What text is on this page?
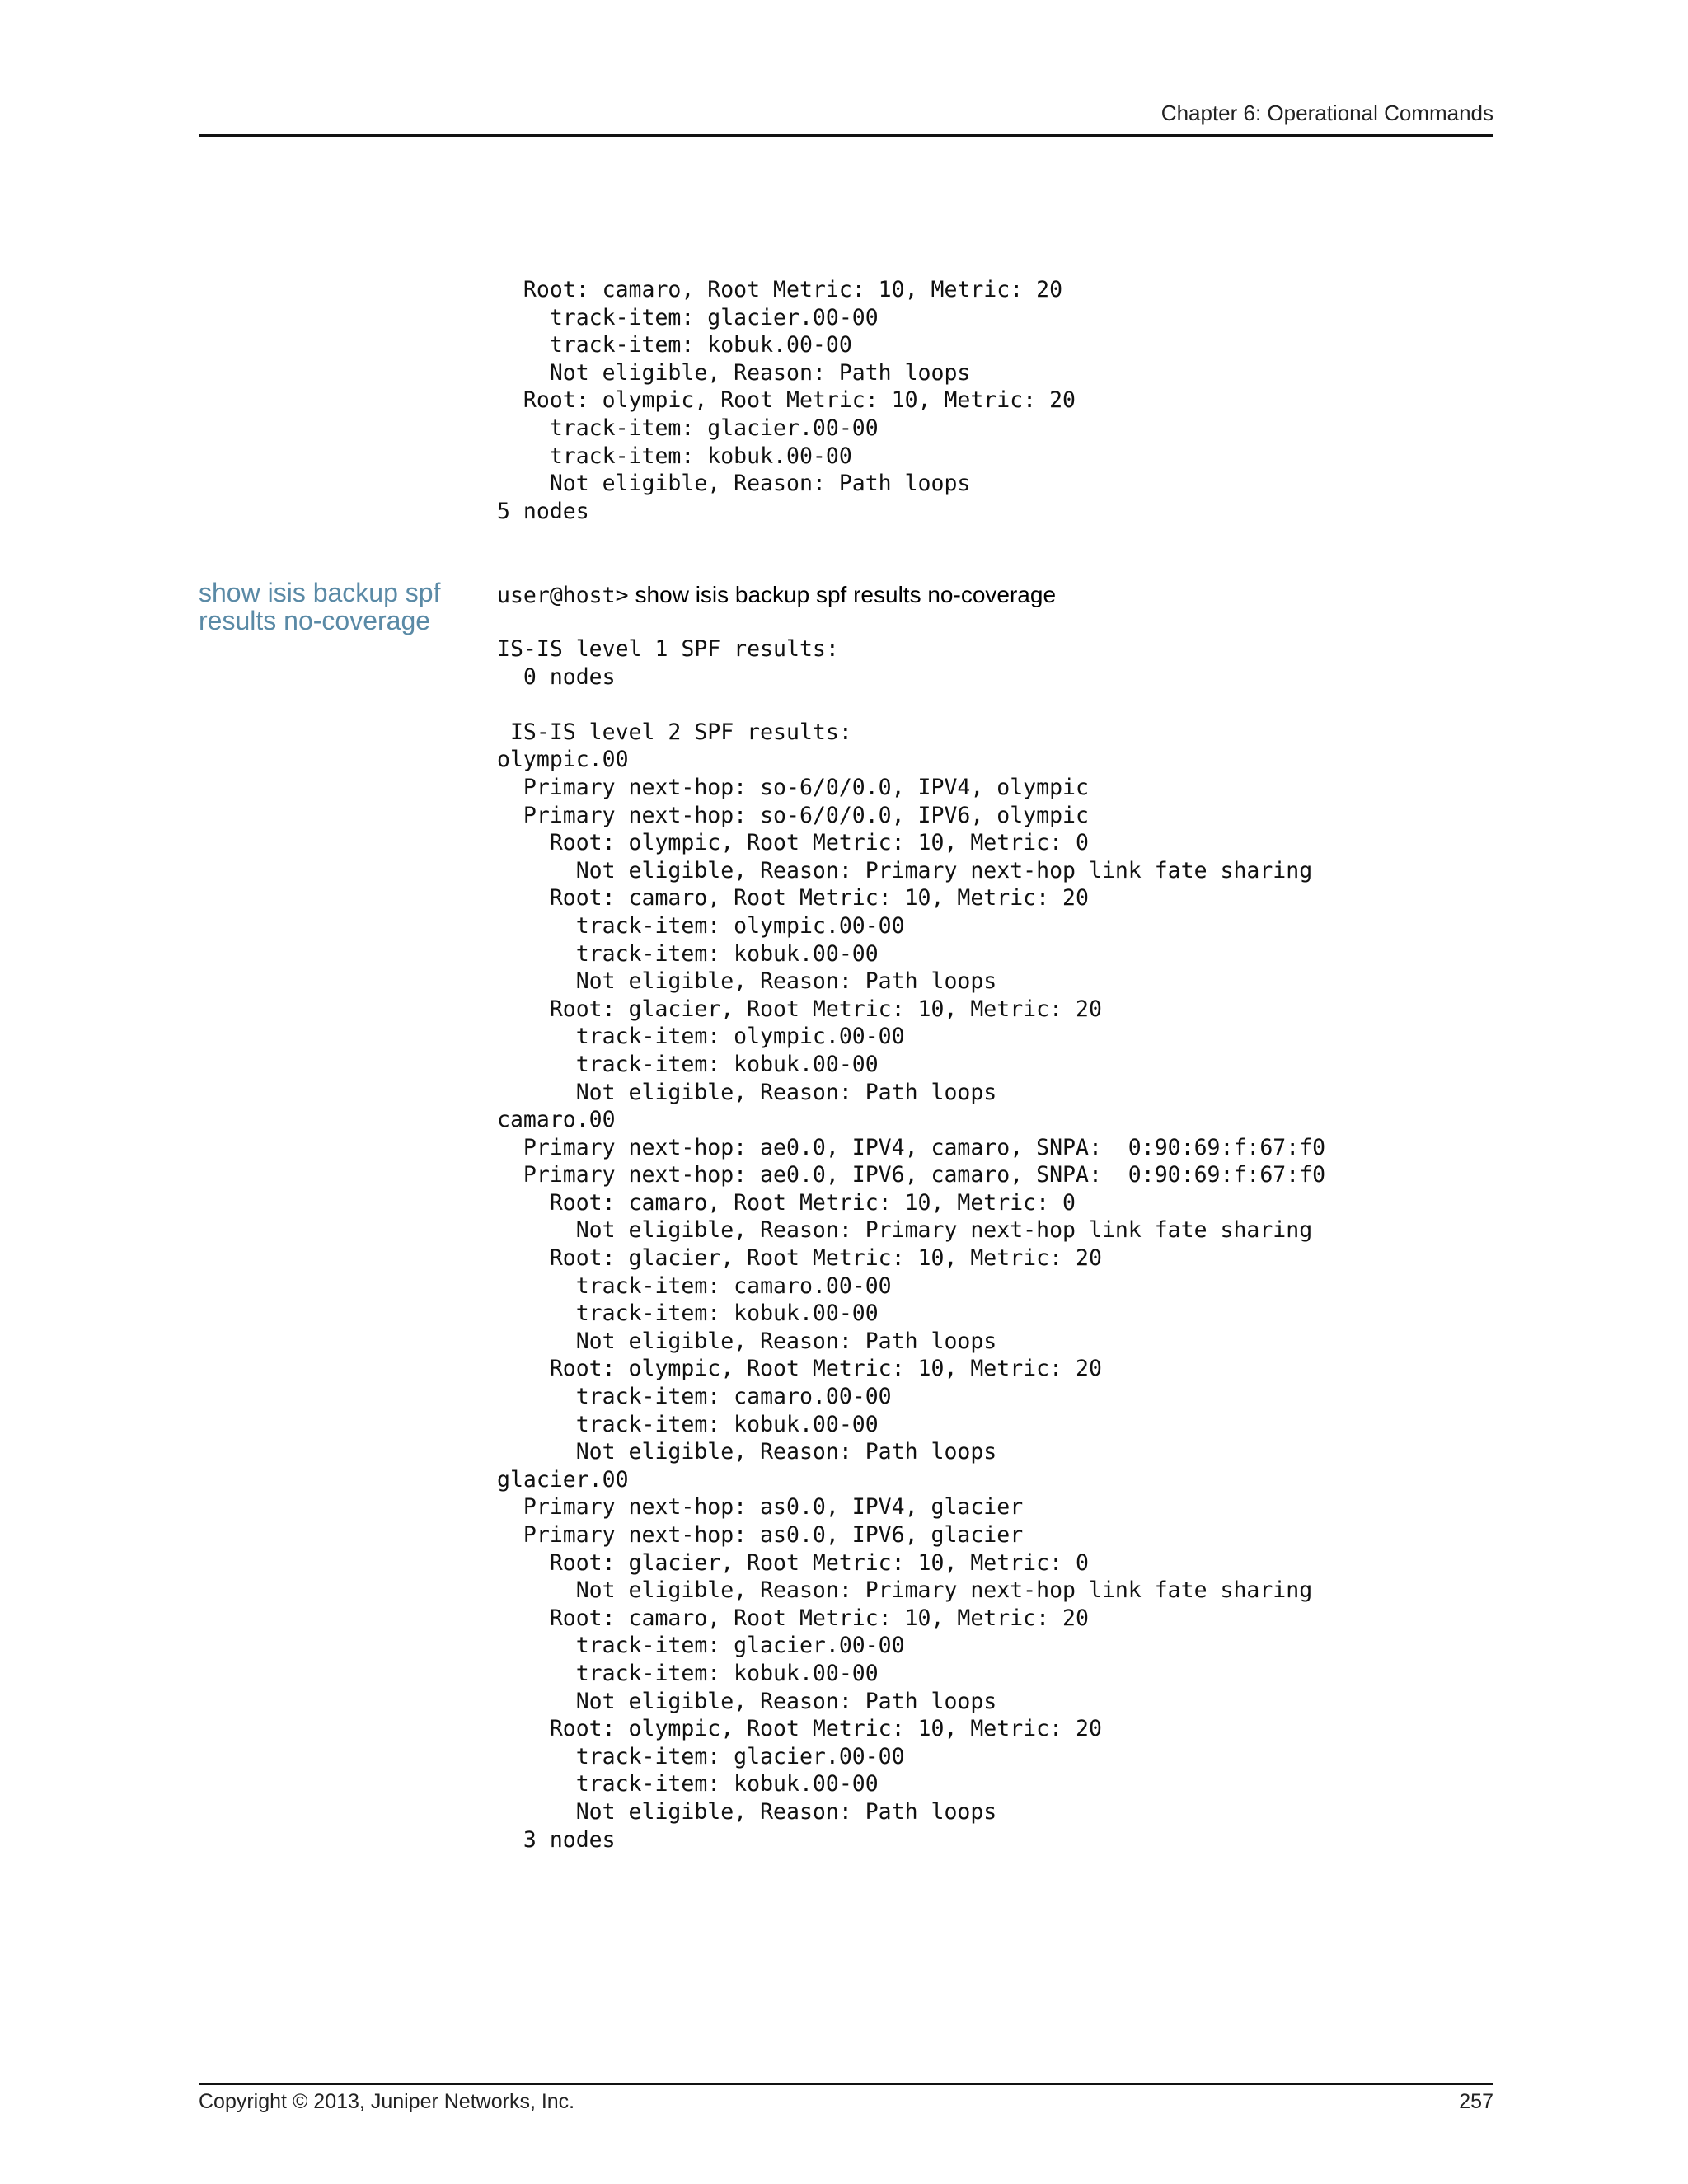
Chapter 6: Operational Commands
Root: camaro, Root Metric: 10, Metric: 20
track-item: glacier.00-00
track-item: kobuk.00-00
Not eligible, Reason: Path loops
Root: olympic, Root Metric: 10, Metric: 20
track-item: glacier.00-00
track-item: kobuk.00-00
Not eligible, Reason: Path loops
5 nodes
show isis backup spf results no-coverage
user@host> show isis backup spf results no-coverage
IS-IS level 1 SPF results:
0 nodes

IS-IS level 2 SPF results:
olympic.00
Primary next-hop: so-6/0/0.0, IPV4, olympic
Primary next-hop: so-6/0/0.0, IPV6, olympic
Root: olympic, Root Metric: 10, Metric: 0
Not eligible, Reason: Primary next-hop link fate sharing
Root: camaro, Root Metric: 10, Metric: 20
track-item: olympic.00-00
track-item: kobuk.00-00
Not eligible, Reason: Path loops
Root: glacier, Root Metric: 10, Metric: 20
track-item: olympic.00-00
track-item: kobuk.00-00
Not eligible, Reason: Path loops
camaro.00
Primary next-hop: ae0.0, IPV4, camaro, SNPA:  0:90:69:f:67:f0
Primary next-hop: ae0.0, IPV6, camaro, SNPA:  0:90:69:f:67:f0
Root: camaro, Root Metric: 10, Metric: 0
Not eligible, Reason: Primary next-hop link fate sharing
Root: glacier, Root Metric: 10, Metric: 20
track-item: camaro.00-00
track-item: kobuk.00-00
Not eligible, Reason: Path loops
Root: olympic, Root Metric: 10, Metric: 20
track-item: camaro.00-00
track-item: kobuk.00-00
Not eligible, Reason: Path loops
glacier.00
Primary next-hop: as0.0, IPV4, glacier
Primary next-hop: as0.0, IPV6, glacier
Root: glacier, Root Metric: 10, Metric: 0
Not eligible, Reason: Primary next-hop link fate sharing
Root: camaro, Root Metric: 10, Metric: 20
track-item: glacier.00-00
track-item: kobuk.00-00
Not eligible, Reason: Path loops
Root: olympic, Root Metric: 10, Metric: 20
track-item: glacier.00-00
track-item: kobuk.00-00
Not eligible, Reason: Path loops
3 nodes
Copyright © 2013, Juniper Networks, Inc.	257
